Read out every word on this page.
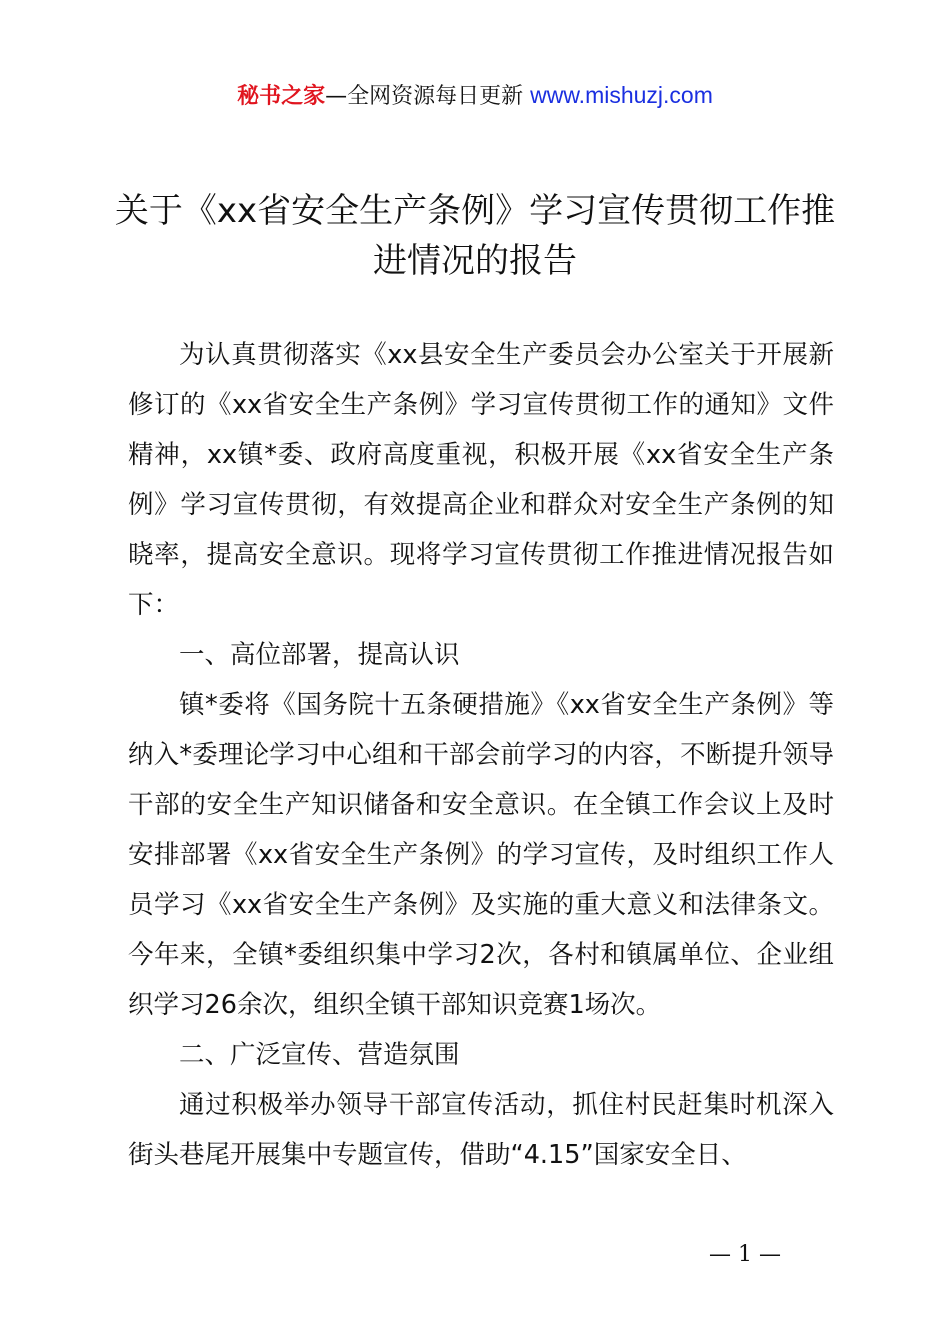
秘书之家—全网资源每日更新 www.mishuzj.com
关于《xx省安全生产条例》学习宣传贯彻工作推进情况的报告

为认真贯彻落实《xx县安全生产委员会办公室关于开展新修订的《xx省安全生产条例》学习宣传贯彻工作的通知》文件精神，xx镇*委、政府高度重视，积极开展《xx省安全生产条例》学习宣传贯彻，有效提高企业和群众对安全生产条例的知晓率，提高安全意识。现将学习宣传贯彻工作推进情况报告如下：

一、高位部署，提高认识

镇*委将《国务院十五条硬措施》《xx省安全生产条例》等纳入*委理论学习中心组和干部会前学习的内容，不断提升领导干部的安全生产知识储备和安全意识。在全镇工作会议上及时安排部署《xx省安全生产条例》的学习宣传，及时组织工作人员学习《xx省安全生产条例》及实施的重大意义和法律条文。今年来，全镇*委组织集中学习2次，各村和镇属单位、企业组织学习26余次，组织全镇干部知识竞赛1场次。

二、广泛宣传、营造氛围

通过积极举办领导干部宣传活动，抓住村民赶集时机深入街头巷尾开展集中专题宣传，借助“4.15”国家安全日、

— 1 —
